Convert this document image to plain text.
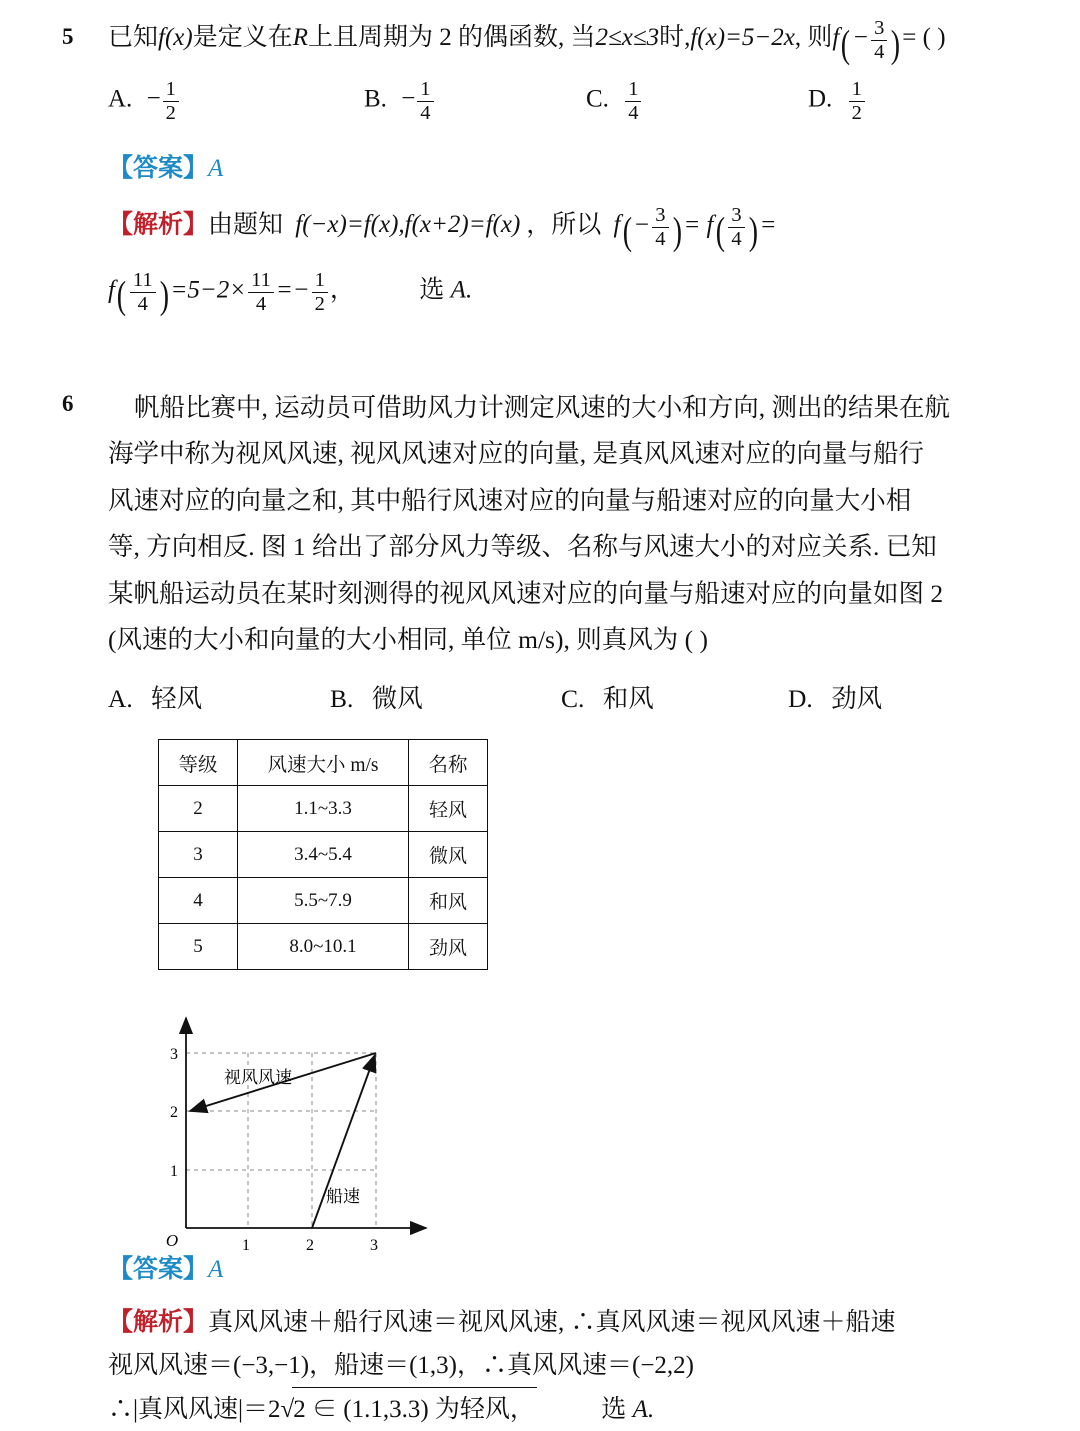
5 已知f(x)是定义在R上且周期为 2 的偶函数, 当2≤x≤3时,f(x)=5−2x, 则$f(- \frac{3}{4}$ )= ( )
A. − $\frac{1}{2}$	B. − $\frac{1}{4}$	C. $\frac{1}{4}$	D. $\frac{1}{2}$
【答案】A
【解析】由题知 f(−x)=f(x),f(x+2)=f(x) ，所以 $f(- \frac{3}{4}$ )= $f( \frac{3}{4}$ )=
$f( \frac{11}{4} )=5-2\times \frac{11}{4} =- \frac{1}{2}$ ，	选 A.
6	帆船比赛中, 运动员可借助风力计测定风速的大小和方向, 测出的结果在航

海学中称为视风风速, 视风风速对应的向量, 是真风风速对应的向量与船行

风速对应的向量之和, 其中船行风速对应的向量与船速对应的向量大小相

等, 方向相反. 图 1 给出了部分风力等级、名称与风速大小的对应关系. 已知

某帆船运动员在某时刻测得的视风风速对应的向量与船速对应的向量如图 2

(风速的大小和向量的大小相同, 单位 m/s), 则真风为 ( )

A. 轻风	B. 微风	C. 和风	D. 劲风
等级	风速大小 m/s	名称
2	1.1~3.3	轻风
3	3.4~5.4	微风
4	5.5~7.9	和风
5	8.0~10.1	劲风
1	2	3
1
2
3
O
视风风速
船速

【答案】A

【解析】真风风速＋船行风速＝视风风速, ∴真风风速＝视风风速＋船速

视风风速＝(−3,−1)，船速＝(1,3)，∴真风风速＝(−2,2)

∴|真风风速|＝2√2 ∈ (1.1,3.3) 为轻风，	选 A.
